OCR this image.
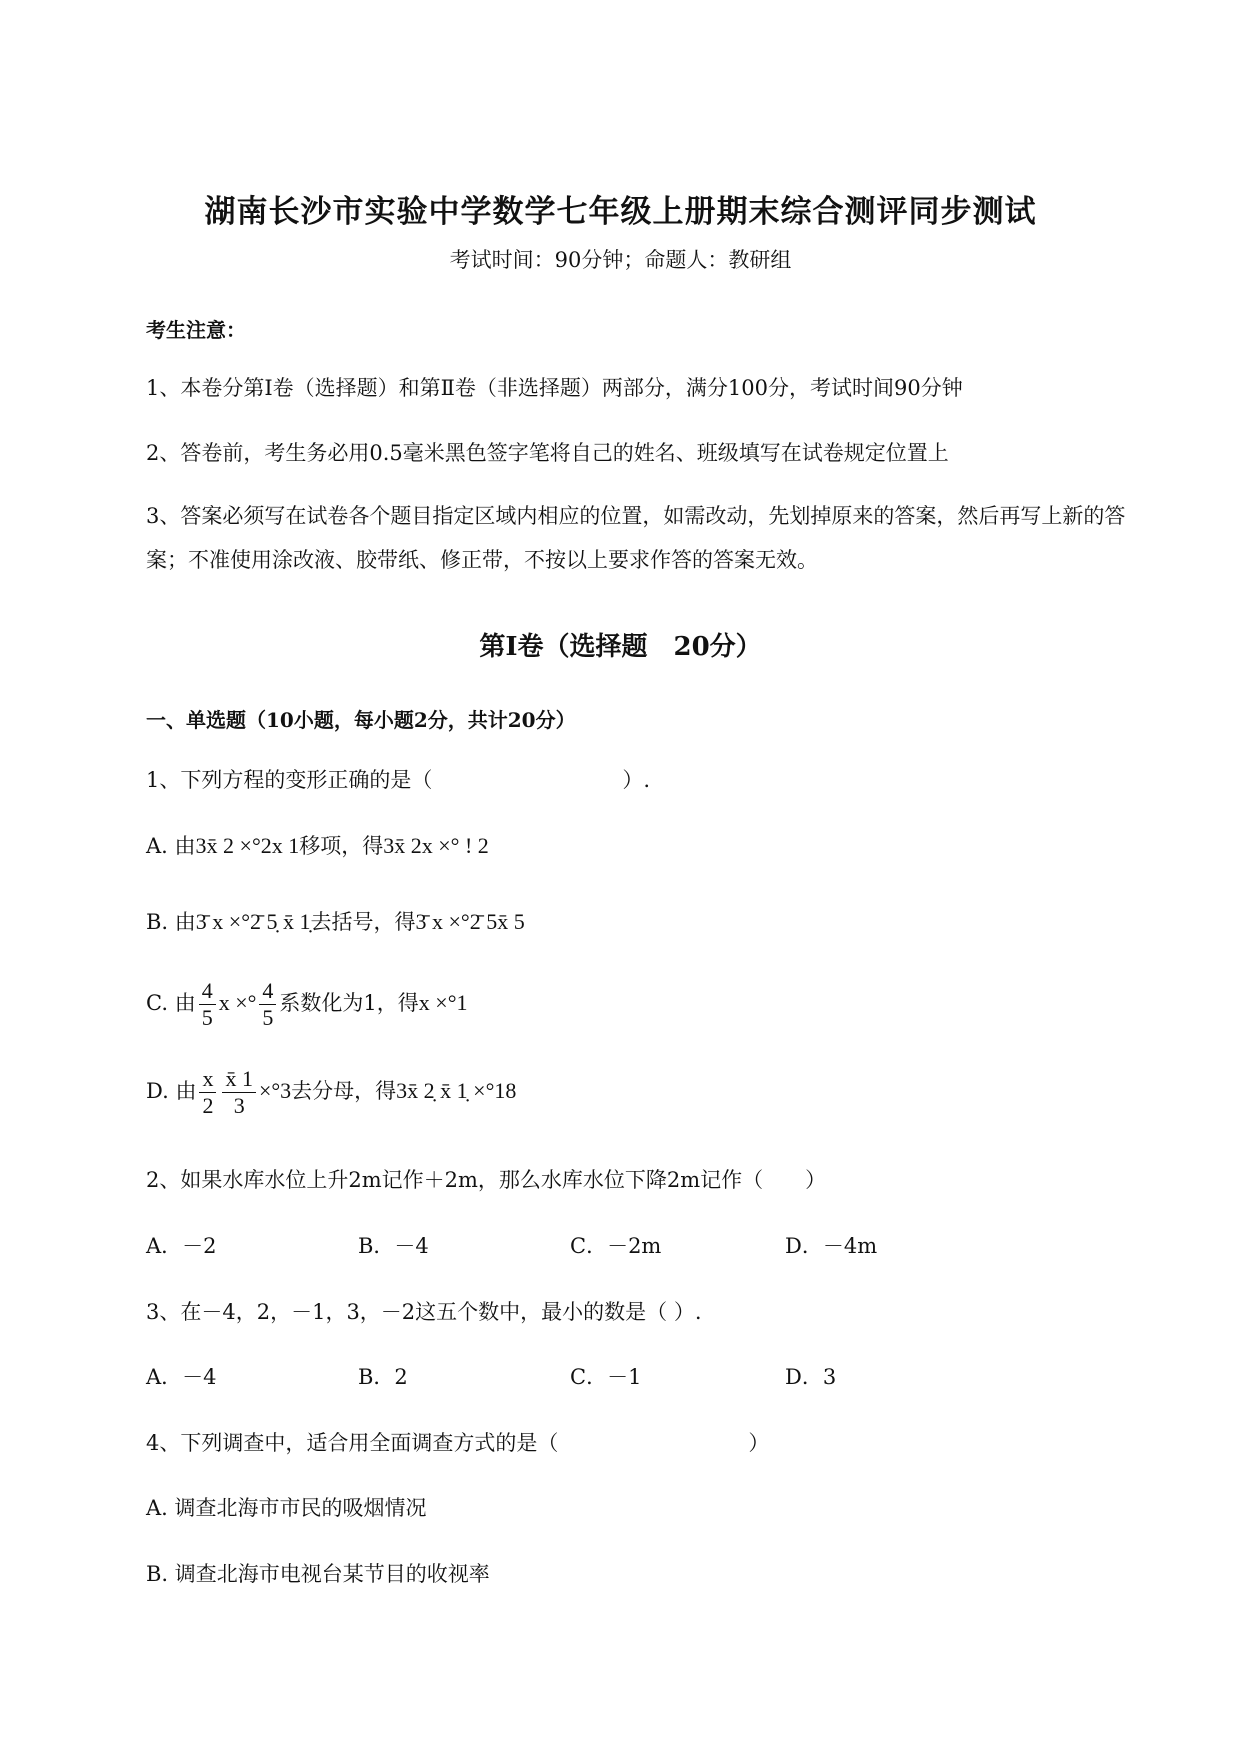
湖南长沙市实验中学数学七年级上册期末综合测评同步测试
考试时间：90分钟；命题人：教研组
考生注意：
1、本卷分第I卷（选择题）和第Ⅱ卷（非选择题）两部分，满分100分，考试时间90分钟
2、答卷前，考生务必用0.5毫米黑色签字笔将自己的姓名、班级填写在试卷规定位置上
3、答案必须写在试卷各个题目指定区域内相应的位置，如需改动，先划掉原来的答案，然后再写上新的答案；不准使用涂改液、胶带纸、修正带，不按以上要求作答的答案无效。
第I卷（选择题　20分）
一、单选题（10小题，每小题2分，共计20分）
1、下列方程的变形正确的是（	）.
A. 由3x̄ 2 ×°2x 1移项，得3x̄ 2x ×° ! 2
B. 由3̄ x ×°2̄ 5̣ x̄ 1̣去括号，得3̄ x ×°2̄ 5x̄ 5
C. 由 $\frac{4}{5}$ x ×° $\frac{4}{5}$ 系数化为1，得x ×°1
D. 由 $\frac{x}{2} \frac{x̄ 1}{3} \times^\circ 3$去分母，得3x̄ 2̣ x̄ 1̣ ×°18
2、如果水库水位上升2m记作＋2m，那么水库水位下降2m记作（　　）
A．－2	B．－4	C．－2m	D．－4m
3、在－4，2，－1，3，－2这五个数中，最小的数是（ ）.
A．－4	B．2	C．－1	D．3
4、下列调查中，适合用全面调查方式的是（	）
A. 调查北海市市民的吸烟情况
B. 调查北海市电视台某节目的收视率
